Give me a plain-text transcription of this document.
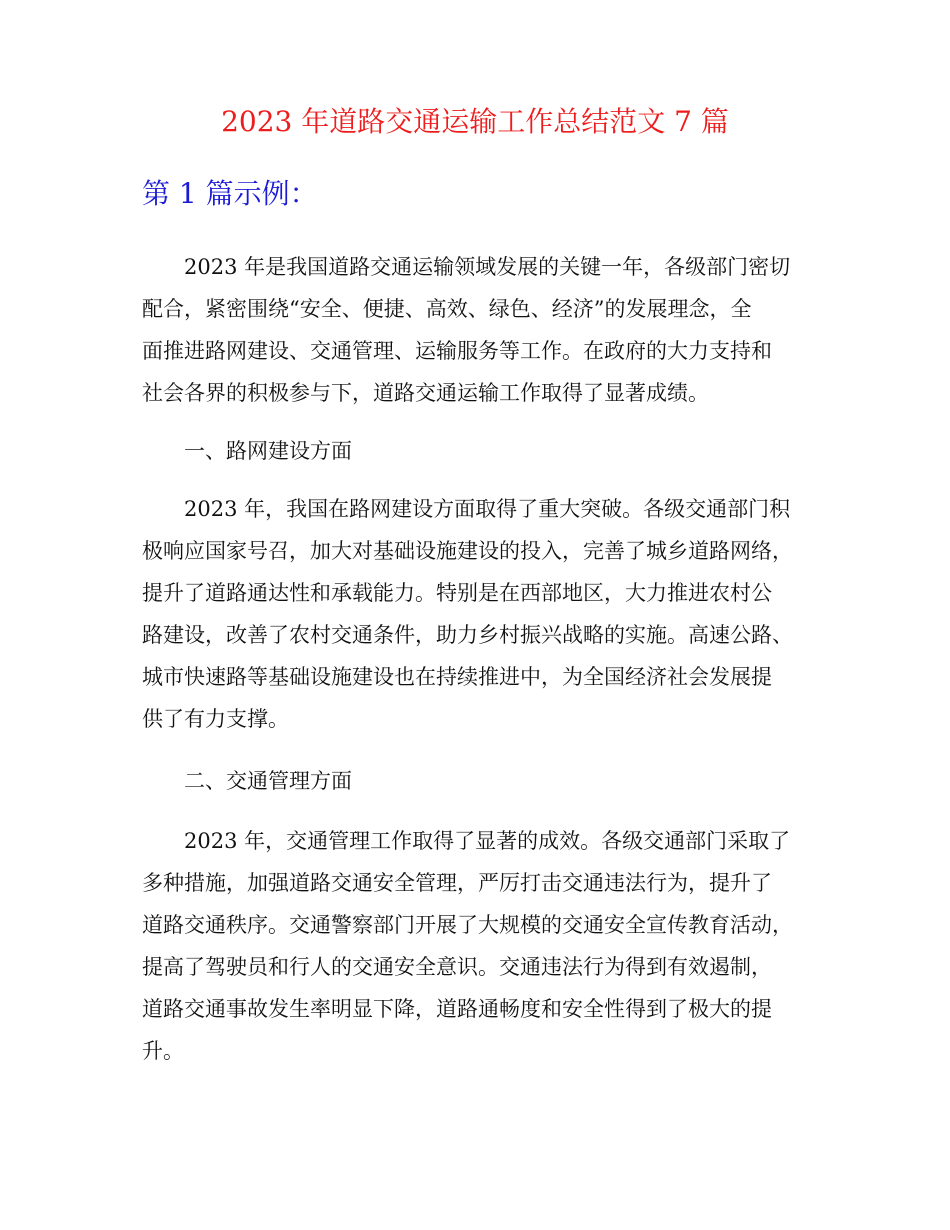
2023 年道路交通运输工作总结范文 7 篇
第 1 篇示例：
2023 年是我国道路交通运输领域发展的关键一年，各级部门密切
配合，紧密围绕“安全、便捷、高效、绿色、经济”的发展理念，全
面推进路网建设、交通管理、运输服务等工作。在政府的大力支持和
社会各界的积极参与下，道路交通运输工作取得了显著成绩。
一、路网建设方面
2023 年，我国在路网建设方面取得了重大突破。各级交通部门积
极响应国家号召，加大对基础设施建设的投入，完善了城乡道路网络，
提升了道路通达性和承载能力。特别是在西部地区，大力推进农村公
路建设，改善了农村交通条件，助力乡村振兴战略的实施。高速公路、
城市快速路等基础设施建设也在持续推进中，为全国经济社会发展提
供了有力支撑。
二、交通管理方面
2023 年，交通管理工作取得了显著的成效。各级交通部门采取了
多种措施，加强道路交通安全管理，严厉打击交通违法行为，提升了
道路交通秩序。交通警察部门开展了大规模的交通安全宣传教育活动，
提高了驾驶员和行人的交通安全意识。交通违法行为得到有效遏制，
道路交通事故发生率明显下降，道路通畅度和安全性得到了极大的提
升。
